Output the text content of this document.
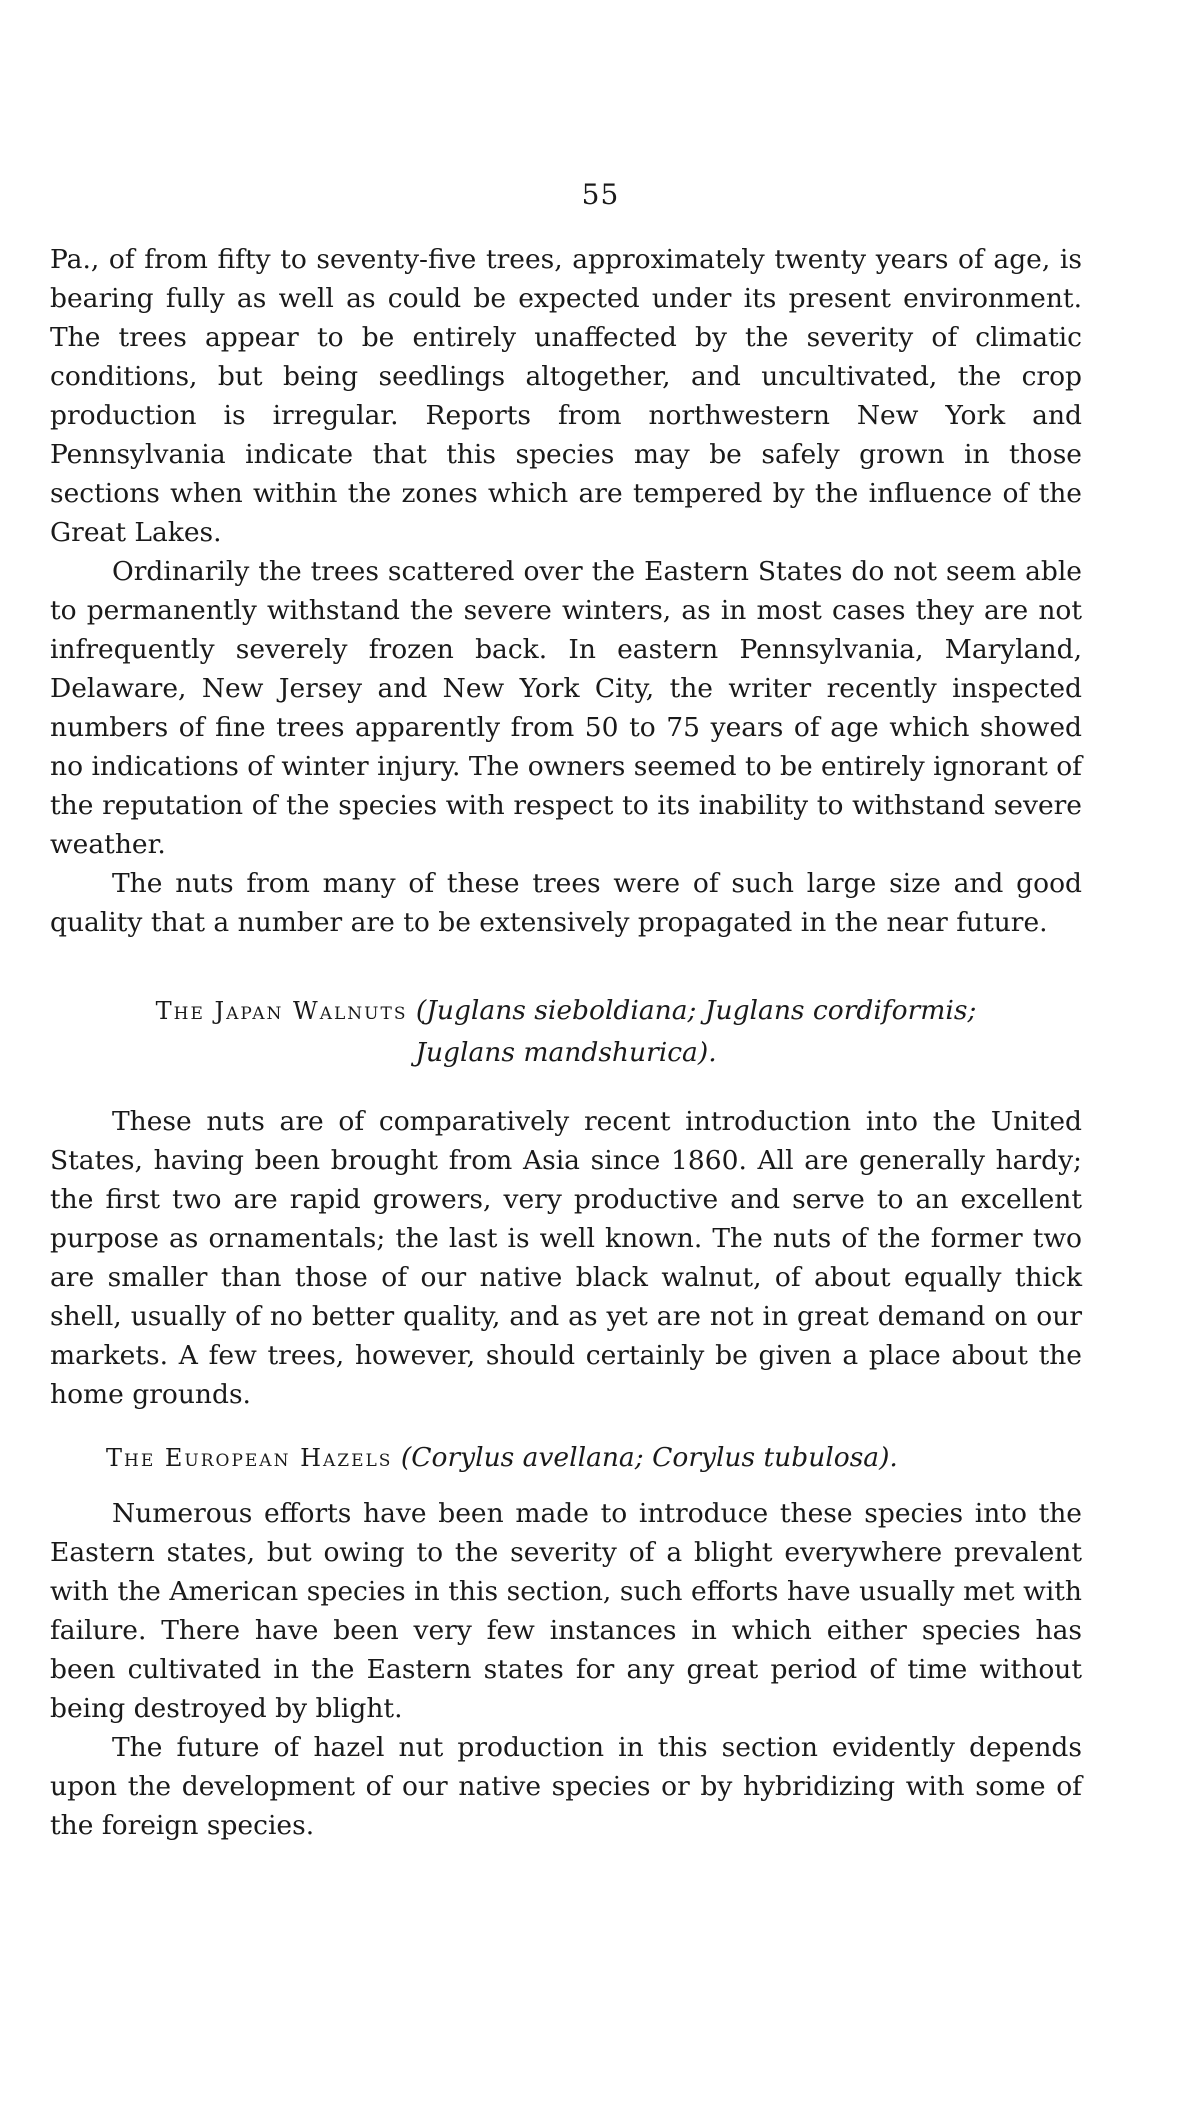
55

Pa., of from fifty to seventy-five trees, approximately twenty years of age, is bearing fully as well as could be expected under its present environment. The trees appear to be entirely unaffected by the severity of climatic conditions, but being seedlings altogether, and uncultivated, the crop production is irregular. Reports from northwestern New York and Pennsylvania indicate that this species may be safely grown in those sections when within the zones which are tempered by the influence of the Great Lakes.

Ordinarily the trees scattered over the Eastern States do not seem able to permanently withstand the severe winters, as in most cases they are not infrequently severely frozen back. In eastern Pennsylvania, Maryland, Delaware, New Jersey and New York City, the writer recently inspected numbers of fine trees apparently from 50 to 75 years of age which showed no indications of winter injury. The owners seemed to be entirely ignorant of the reputation of the species with respect to its inability to withstand severe weather.

The nuts from many of these trees were of such large size and good quality that a number are to be extensively propagated in the near future.

The Japan Walnuts (Juglans sieboldiana; Juglans cordiformis;
Juglans mandshurica).

These nuts are of comparatively recent introduction into the United States, having been brought from Asia since 1860. All are generally hardy; the first two are rapid growers, very productive and serve to an excellent purpose as ornamentals; the last is well known. The nuts of the former two are smaller than those of our native black walnut, of about equally thick shell, usually of no better quality, and as yet are not in great demand on our markets. A few trees, however, should certainly be given a place about the home grounds.

The European Hazels (Corylus avellana; Corylus tubulosa).

Numerous efforts have been made to introduce these species into the Eastern states, but owing to the severity of a blight everywhere prevalent with the American species in this section, such efforts have usually met with failure. There have been very few instances in which either species has been cultivated in the Eastern states for any great period of time without being destroyed by blight.

The future of hazel nut production in this section evidently depends upon the development of our native species or by hybridizing with some of the foreign species.
